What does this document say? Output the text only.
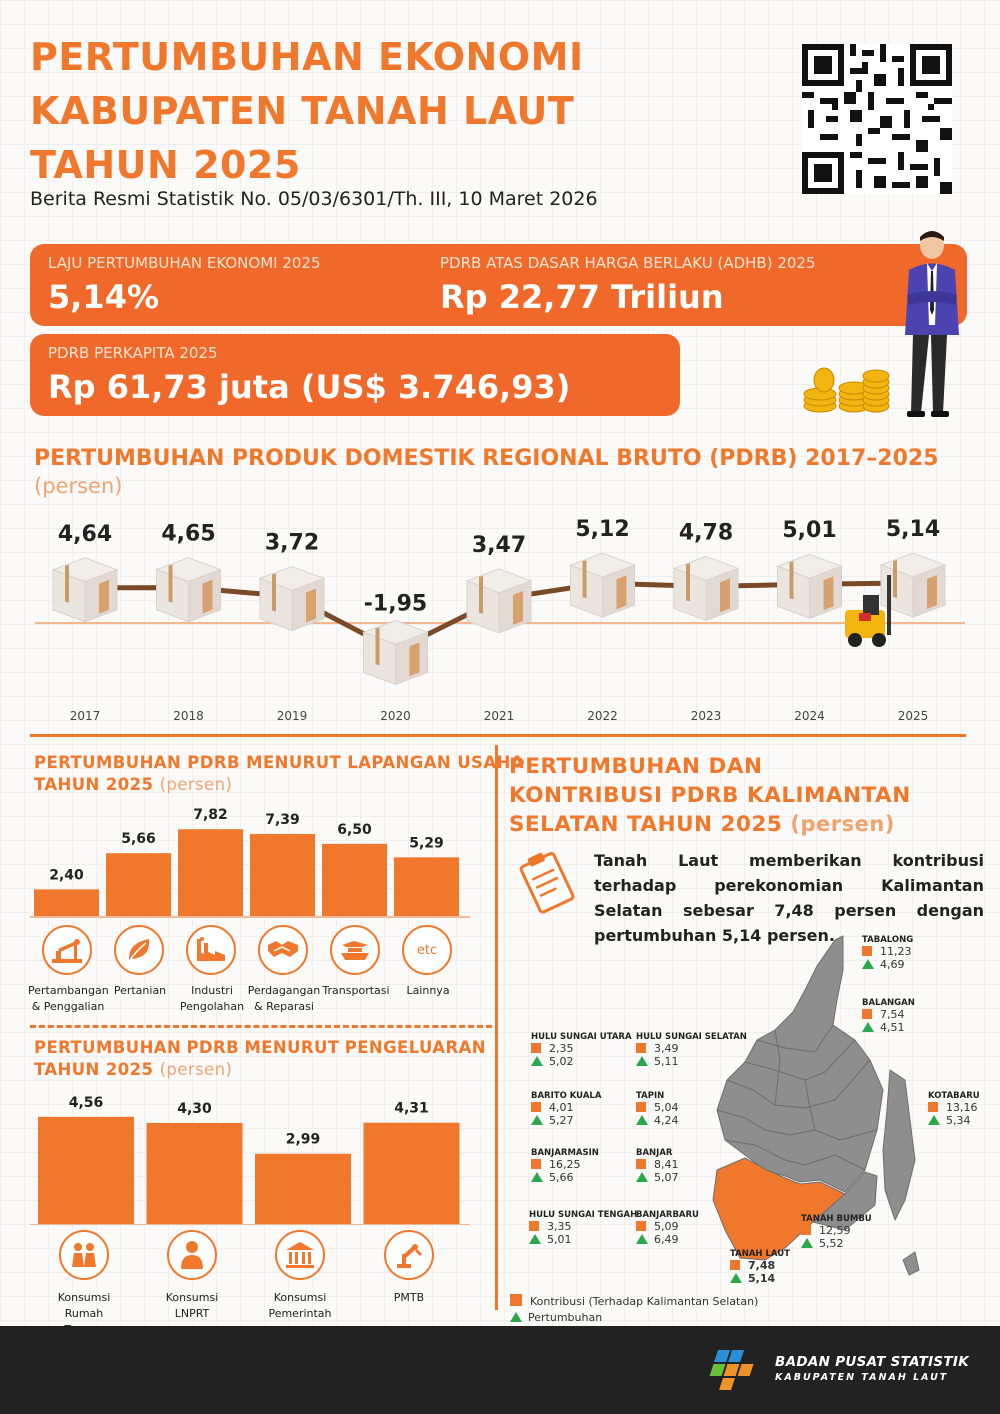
PERTUMBUHAN EKONOMI
KABUPATEN TANAH LAUT
TAHUN 2025
Berita Resmi Statistik No. 05/03/6301/Th. III, 10 Maret 2026
LAJU PERTUMBUHAN EKONOMI 2025
5,14%
PDRB ATAS DASAR HARGA BERLAKU (ADHB) 2025
Rp 22,77 Triliun
PDRB PERKAPITA 2025
Rp 61,73 juta (US$ 3.746,93)
PERTUMBUHAN PRODUK DOMESTIK REGIONAL BRUTO (PDRB) 2017–2025
(persen)
4,64
2017
4,65
2018
3,72
2019
-1,95
2020
3,47
2021
5,12
2022
4,78
2023
5,01
2024
5,14
2025
PERTUMBUHAN PDRB MENURUT LAPANGAN USAHA
TAHUN 2025 (persen)
2,40
5,66
7,82	7,39
6,50
5,29
etc
Pertambangan
& Penggalian
Pertanian	Industri
Pengolahan
Perdagangan
& Reparasi
Transportasi	Lainnya
PERTUMBUHAN PDRB MENURUT PENGELUARAN
TAHUN 2025 (persen)
4,56	4,30
2,99
4,31
Konsumsi
Rumah
Konsumsi
LNPRT
Konsumsi
Pemerintah
PMTB
PERTUMBUHAN DAN
KONTRIBUSI PDRB KALIMANTAN
SELATAN TAHUN 2025 (persen)
Tanah Laut memberikan kontribusi terhadap perekonomian Kalimantan Selatan sebesar 7,48 persen dengan pertumbuhan 5,14 persen.	TABALONG
11,23
4,69
BALANGAN
7,54
4,51
KOTABARU
13,16
5,34
HULU SUNGAI UTARA
2,35
5,02
HULU SUNGAI SELATAN
3,49
5,11
BARITO KUALA
4,01
5,27
TAPIN
5,04
4,24
BANJARMASIN
16,25
5,66
BANJAR
8,41
5,07
HULU SUNGAI TENGAH
3,35
5,01
BANJARBARU
5,09
6,49
TANAH BUMBU
12,59
5,52
TANAH LAUT
7,48
5,14
Kontribusi (Terhadap Kalimantan Selatan)
Pertumbuhan
BADAN PUSAT STATISTIK
KABUPATEN TANAH LAUT
